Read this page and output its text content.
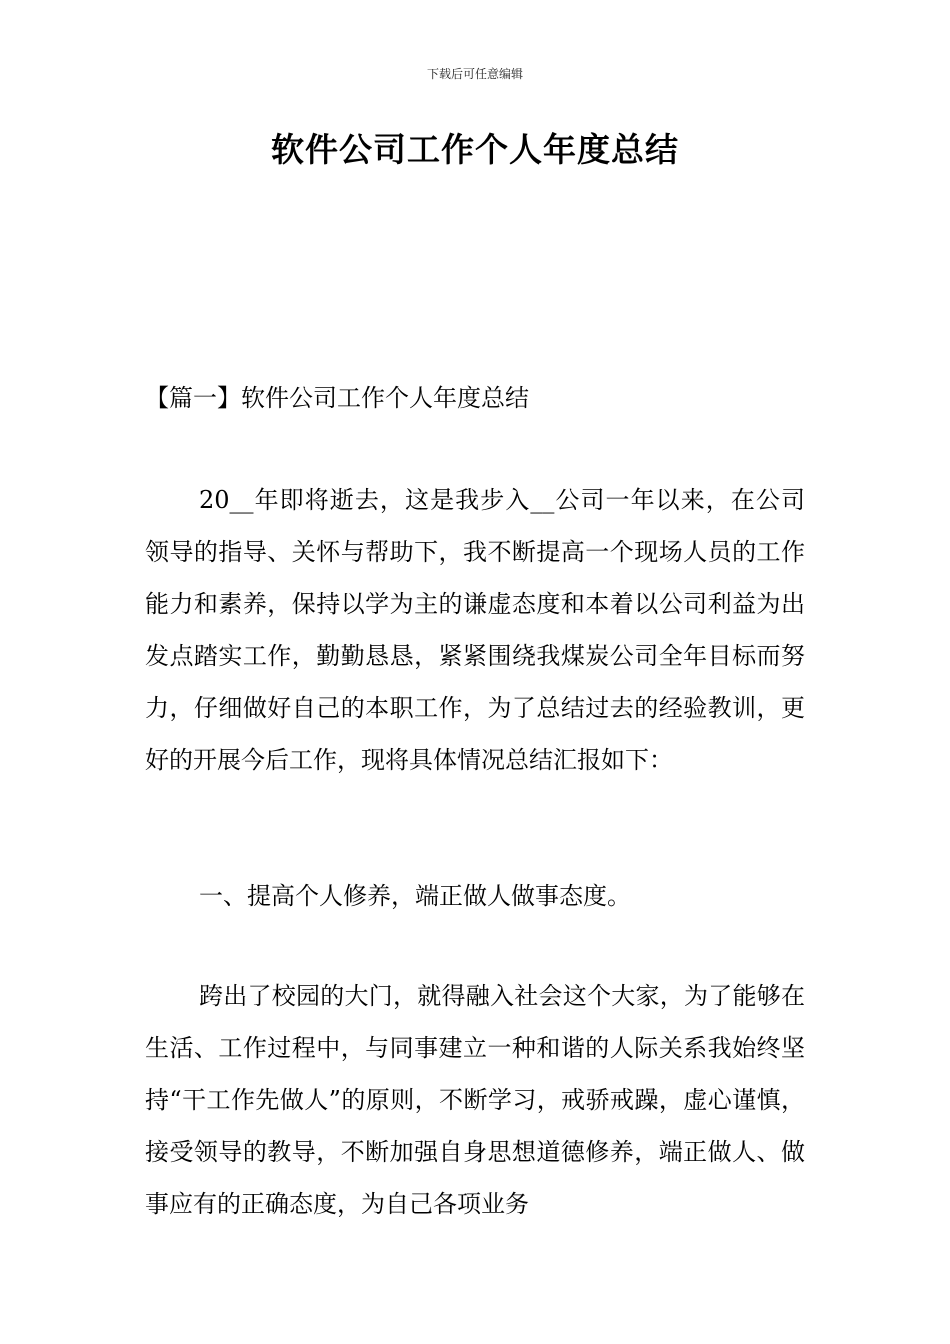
下载后可任意编辑
软件公司工作个人年度总结
【篇一】软件公司工作个人年度总结

20__年即将逝去，这是我步入__公司一年以来，在公司领导的指导、关怀与帮助下，我不断提高一个现场人员的工作能力和素养，保持以学为主的谦虚态度和本着以公司利益为出发点踏实工作，勤勤恳恳，紧紧围绕我煤炭公司全年目标而努力，仔细做好自己的本职工作，为了总结过去的经验教训，更好的开展今后工作，现将具体情况总结汇报如下：

一、提高个人修养，端正做人做事态度。

跨出了校园的大门，就得融入社会这个大家，为了能够在生活、工作过程中，与同事建立一种和谐的人际关系我始终坚持“干工作先做人”的原则，不断学习，戒骄戒躁，虚心谨慎，接受领导的教导，不断加强自身思想道德修养，端正做人、做事应有的正确态度，为自己各项业务
